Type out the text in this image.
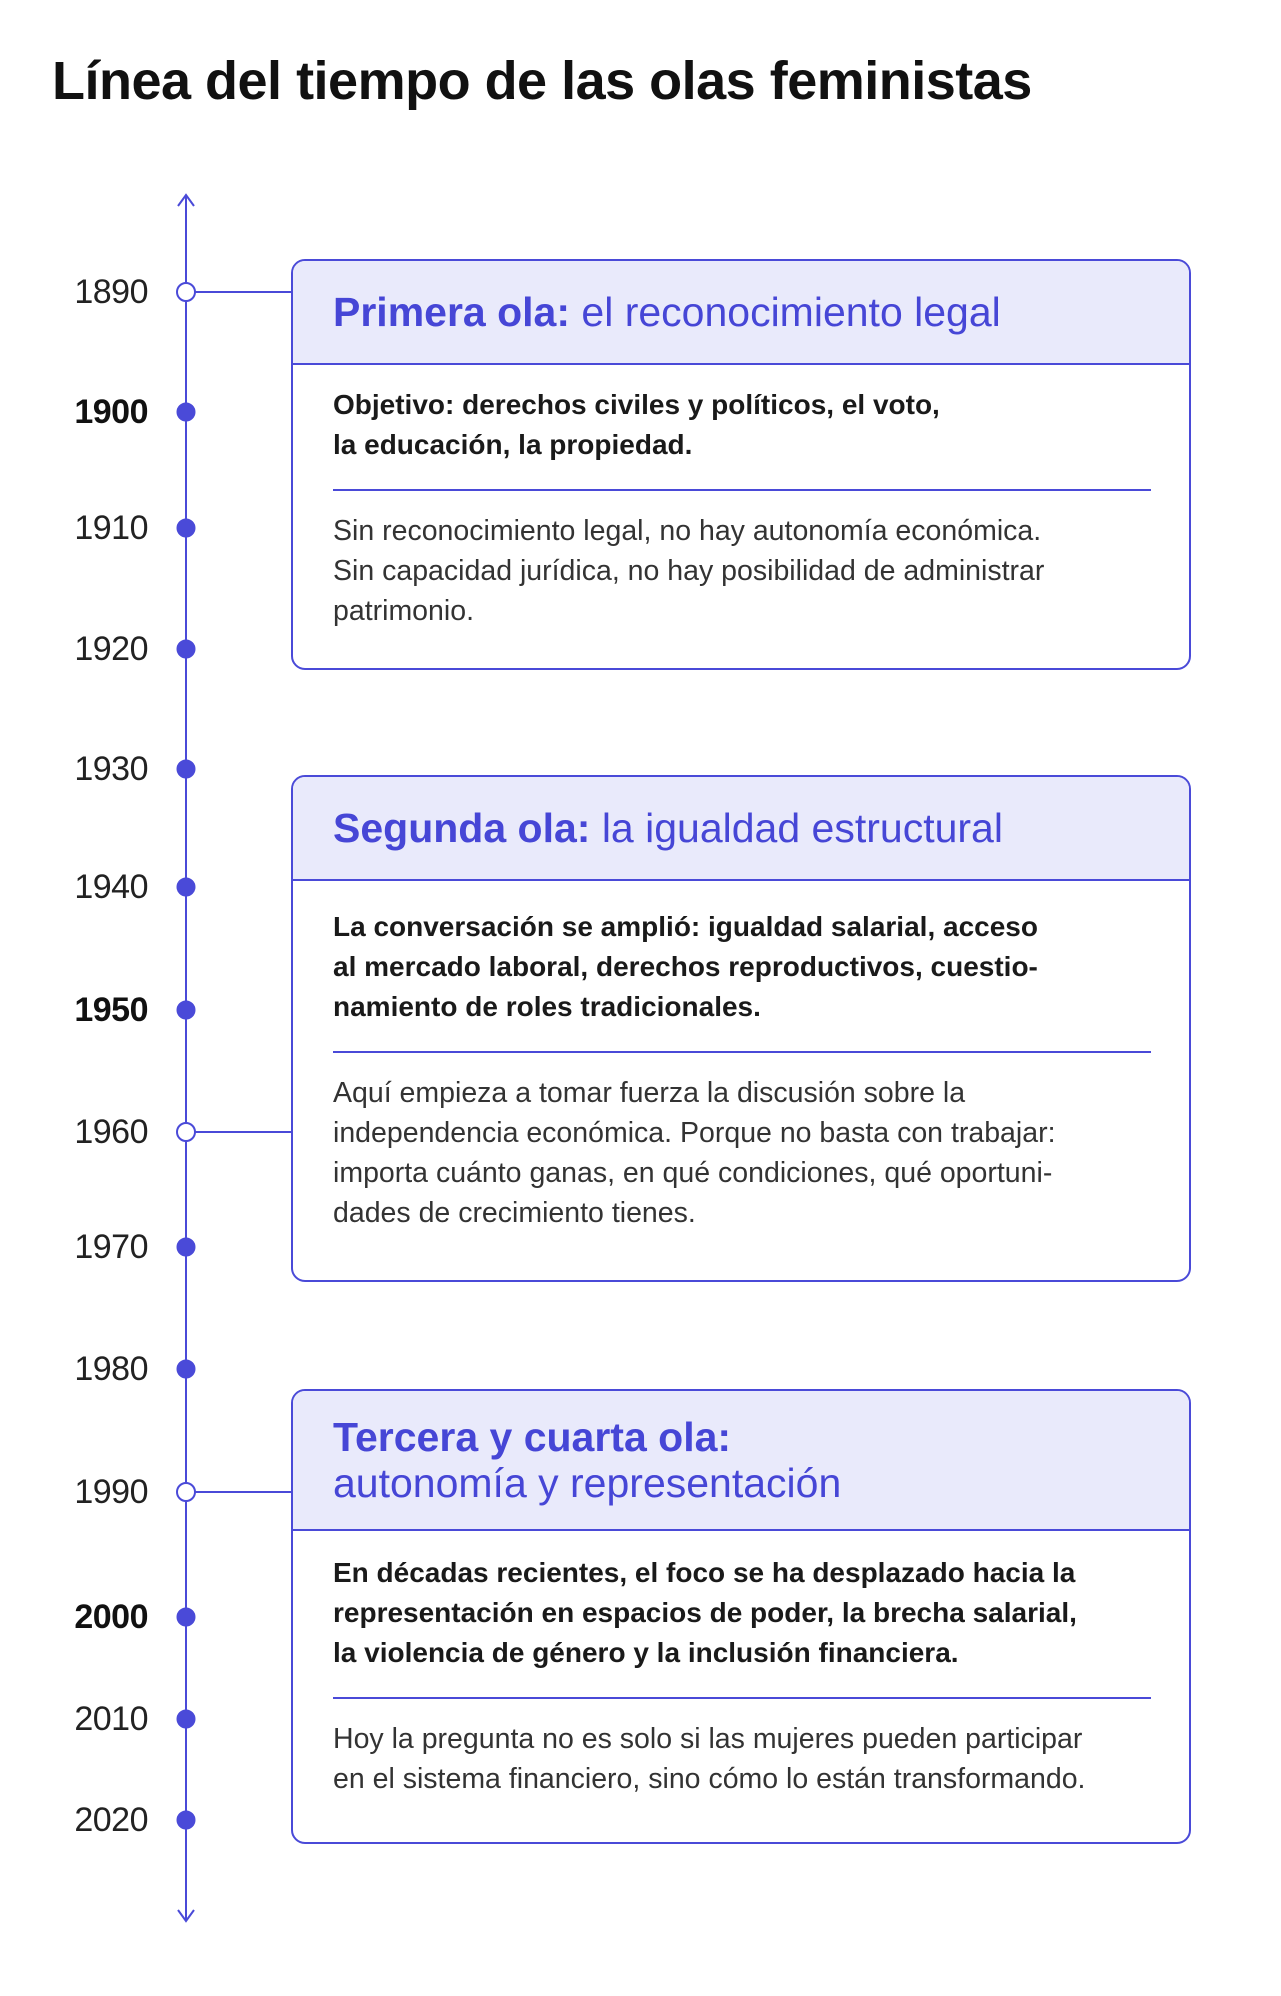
Línea del tiempo de las olas feministas
1890
1900
1910
1920
1930
1940
1950
1960
1970
1980
1990
2000
2010
2020
Primera ola: el reconocimiento legal
Objetivo: derechos civiles y políticos, el voto,
la educación, la propiedad.
Sin reconocimiento legal, no hay autonomía económica.
Sin capacidad jurídica, no hay posibilidad de administrar
patrimonio.
Segunda ola: la igualdad estructural
La conversación se amplió: igualdad salarial, acceso
al mercado laboral, derechos reproductivos, cuestio-
namiento de roles tradicionales.
Aquí empieza a tomar fuerza la discusión sobre la
independencia económica. Porque no basta con trabajar:
importa cuánto ganas, en qué condiciones, qué oportuni-
dades de crecimiento tienes.
Tercera y cuarta ola:
autonomía y representación
En décadas recientes, el foco se ha desplazado hacia la
representación en espacios de poder, la brecha salarial,
la violencia de género y la inclusión financiera.
Hoy la pregunta no es solo si las mujeres pueden participar
en el sistema financiero, sino cómo lo están transformando.
